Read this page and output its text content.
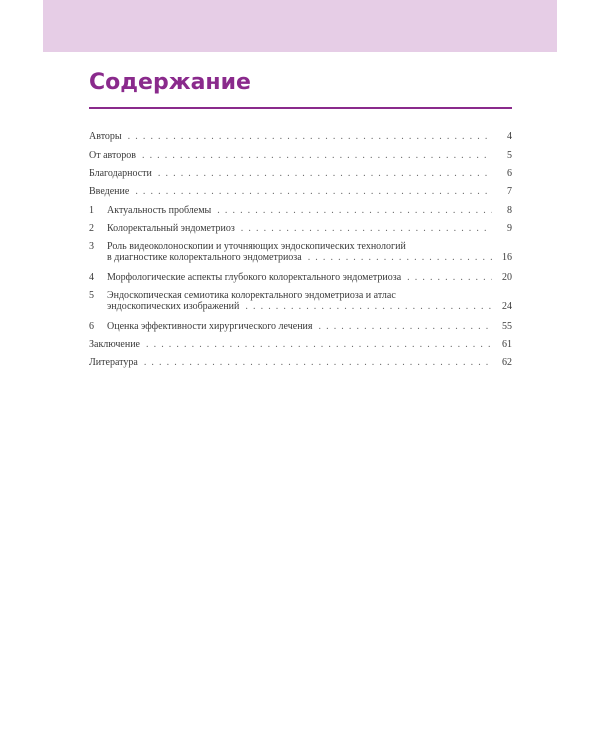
Содержание
Авторы . . .	4
От авторов . . .	5
Благодарности . . .	6
Введение . . .	7
1	Актуальность проблемы . . .	8
2	Колоректальный эндометриоз . . .	9
3	Роль видеоколоноскопии и уточняющих эндоскопических технологий
в диагностике колоректального эндометриоза . . .	16
4	Морфологические аспекты глубокого колоректального эндометриоза . . .	20
5	Эндоскопическая семиотика колоректального эндометриоза и атлас
эндоскопических изображений . . .	24
6	Оценка эффективности хирургического лечения . . .	55
Заключение . . .	61
Литература . . .	62
